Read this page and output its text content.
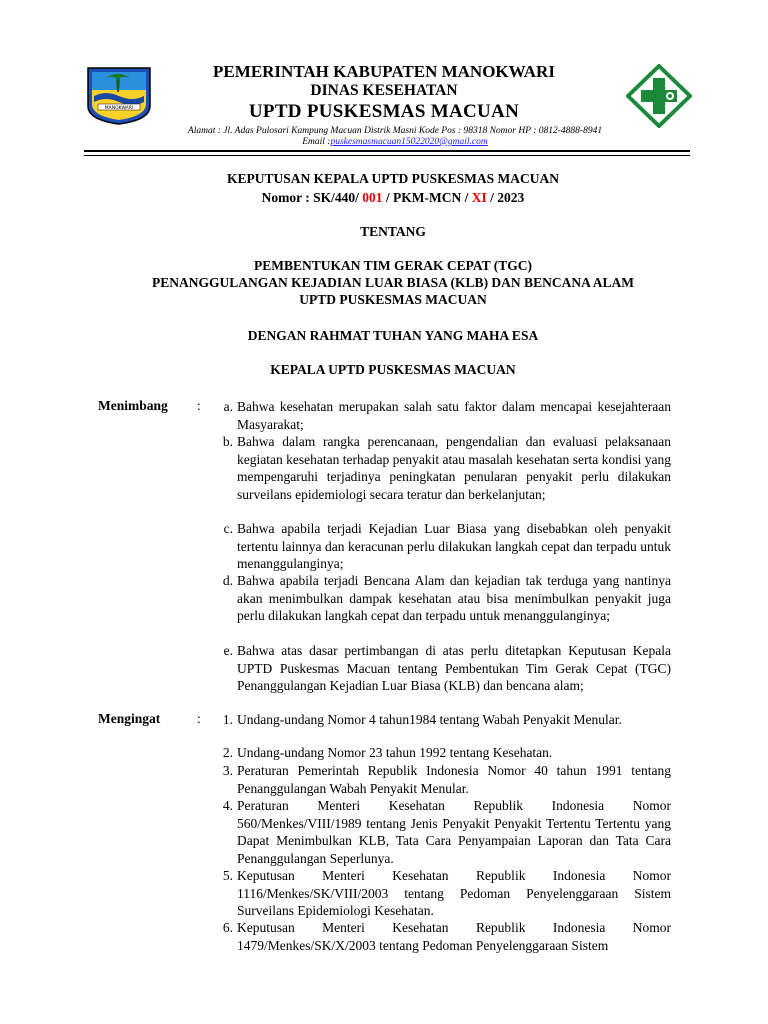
MANOKWARI
PEMERINTAH KABUPATEN MANOKWARI
DINAS KESEHATAN
UPTD PUSKESMAS MACUAN
Alamat : Jl. Adas Pulosari Kampung Macuan Distrik Masni Kode Pos : 98318 Nomor HP : 0812-4888-8941
Email :puskesmasmacuan15022020@gmail.com
KEPUTUSAN KEPALA UPTD PUSKESMAS MACUAN
Nomor : SK/440/ 001 / PKM-MCN / XI / 2023
TENTANG
PEMBENTUKAN TIM GERAK CEPAT (TGC)
PENANGGULANGAN KEJADIAN LUAR BIASA (KLB) DAN BENCANA ALAM
UPTD PUSKESMAS MACUAN
DENGAN RAHMAT TUHAN YANG MAHA ESA
KEPALA UPTD PUSKESMAS MACUAN
Menimbang :	a. Bahwa kesehatan merupakan salah satu faktor dalam mencapai kesejahteraan Masyarakat;
b. Bahwa dalam rangka perencanaan, pengendalian dan evaluasi pelaksanaan kegiatan kesehatan terhadap penyakit atau masalah kesehatan serta kondisi yang mempengaruhi terjadinya peningkatan penularan penyakit perlu dilakukan surveilans epidemiologi secara teratur dan berkelanjutan;
c. Bahwa apabila terjadi Kejadian Luar Biasa yang disebabkan oleh penyakit tertentu lainnya dan keracunan perlu dilakukan langkah cepat dan terpadu untuk menanggulanginya;
d. Bahwa apabila terjadi Bencana Alam dan kejadian tak terduga yang nantinya akan menimbulkan dampak kesehatan atau bisa menimbulkan penyakit juga perlu dilakukan langkah cepat dan terpadu untuk menanggulanginya;
e. Bahwa atas dasar pertimbangan di atas perlu ditetapkan Keputusan Kepala UPTD Puskesmas Macuan tentang Pembentukan Tim Gerak Cepat (TGC) Penanggulangan Kejadian Luar Biasa (KLB) dan bencana alam;
Mengingat	:	1. Undang-undang Nomor 4 tahun1984 tentang Wabah Penyakit Menular.
2. Undang-undang Nomor 23 tahun 1992 tentang Kesehatan.
3. Peraturan Pemerintah Republik Indonesia Nomor 40 tahun 1991 tentang Penanggulangan Wabah Penyakit Menular.
4. Peraturan Menteri Kesehatan Republik Indonesia Nomor 560/Menkes/VIII/1989 tentang Jenis Penyakit Penyakit Tertentu Tertentu yang Dapat Menimbulkan KLB, Tata Cara Penyampaian Laporan dan Tata Cara Penanggulangan Seperlunya.
5. Keputusan Menteri Kesehatan Republik Indonesia Nomor 1116/Menkes/SK/VIII/2003 tentang Pedoman Penyelenggaraan Sistem Surveilans Epidemiologi Kesehatan.
6. Keputusan Menteri Kesehatan Republik Indonesia Nomor 1479/Menkes/SK/X/2003 tentang Pedoman Penyelenggaraan Sistem
